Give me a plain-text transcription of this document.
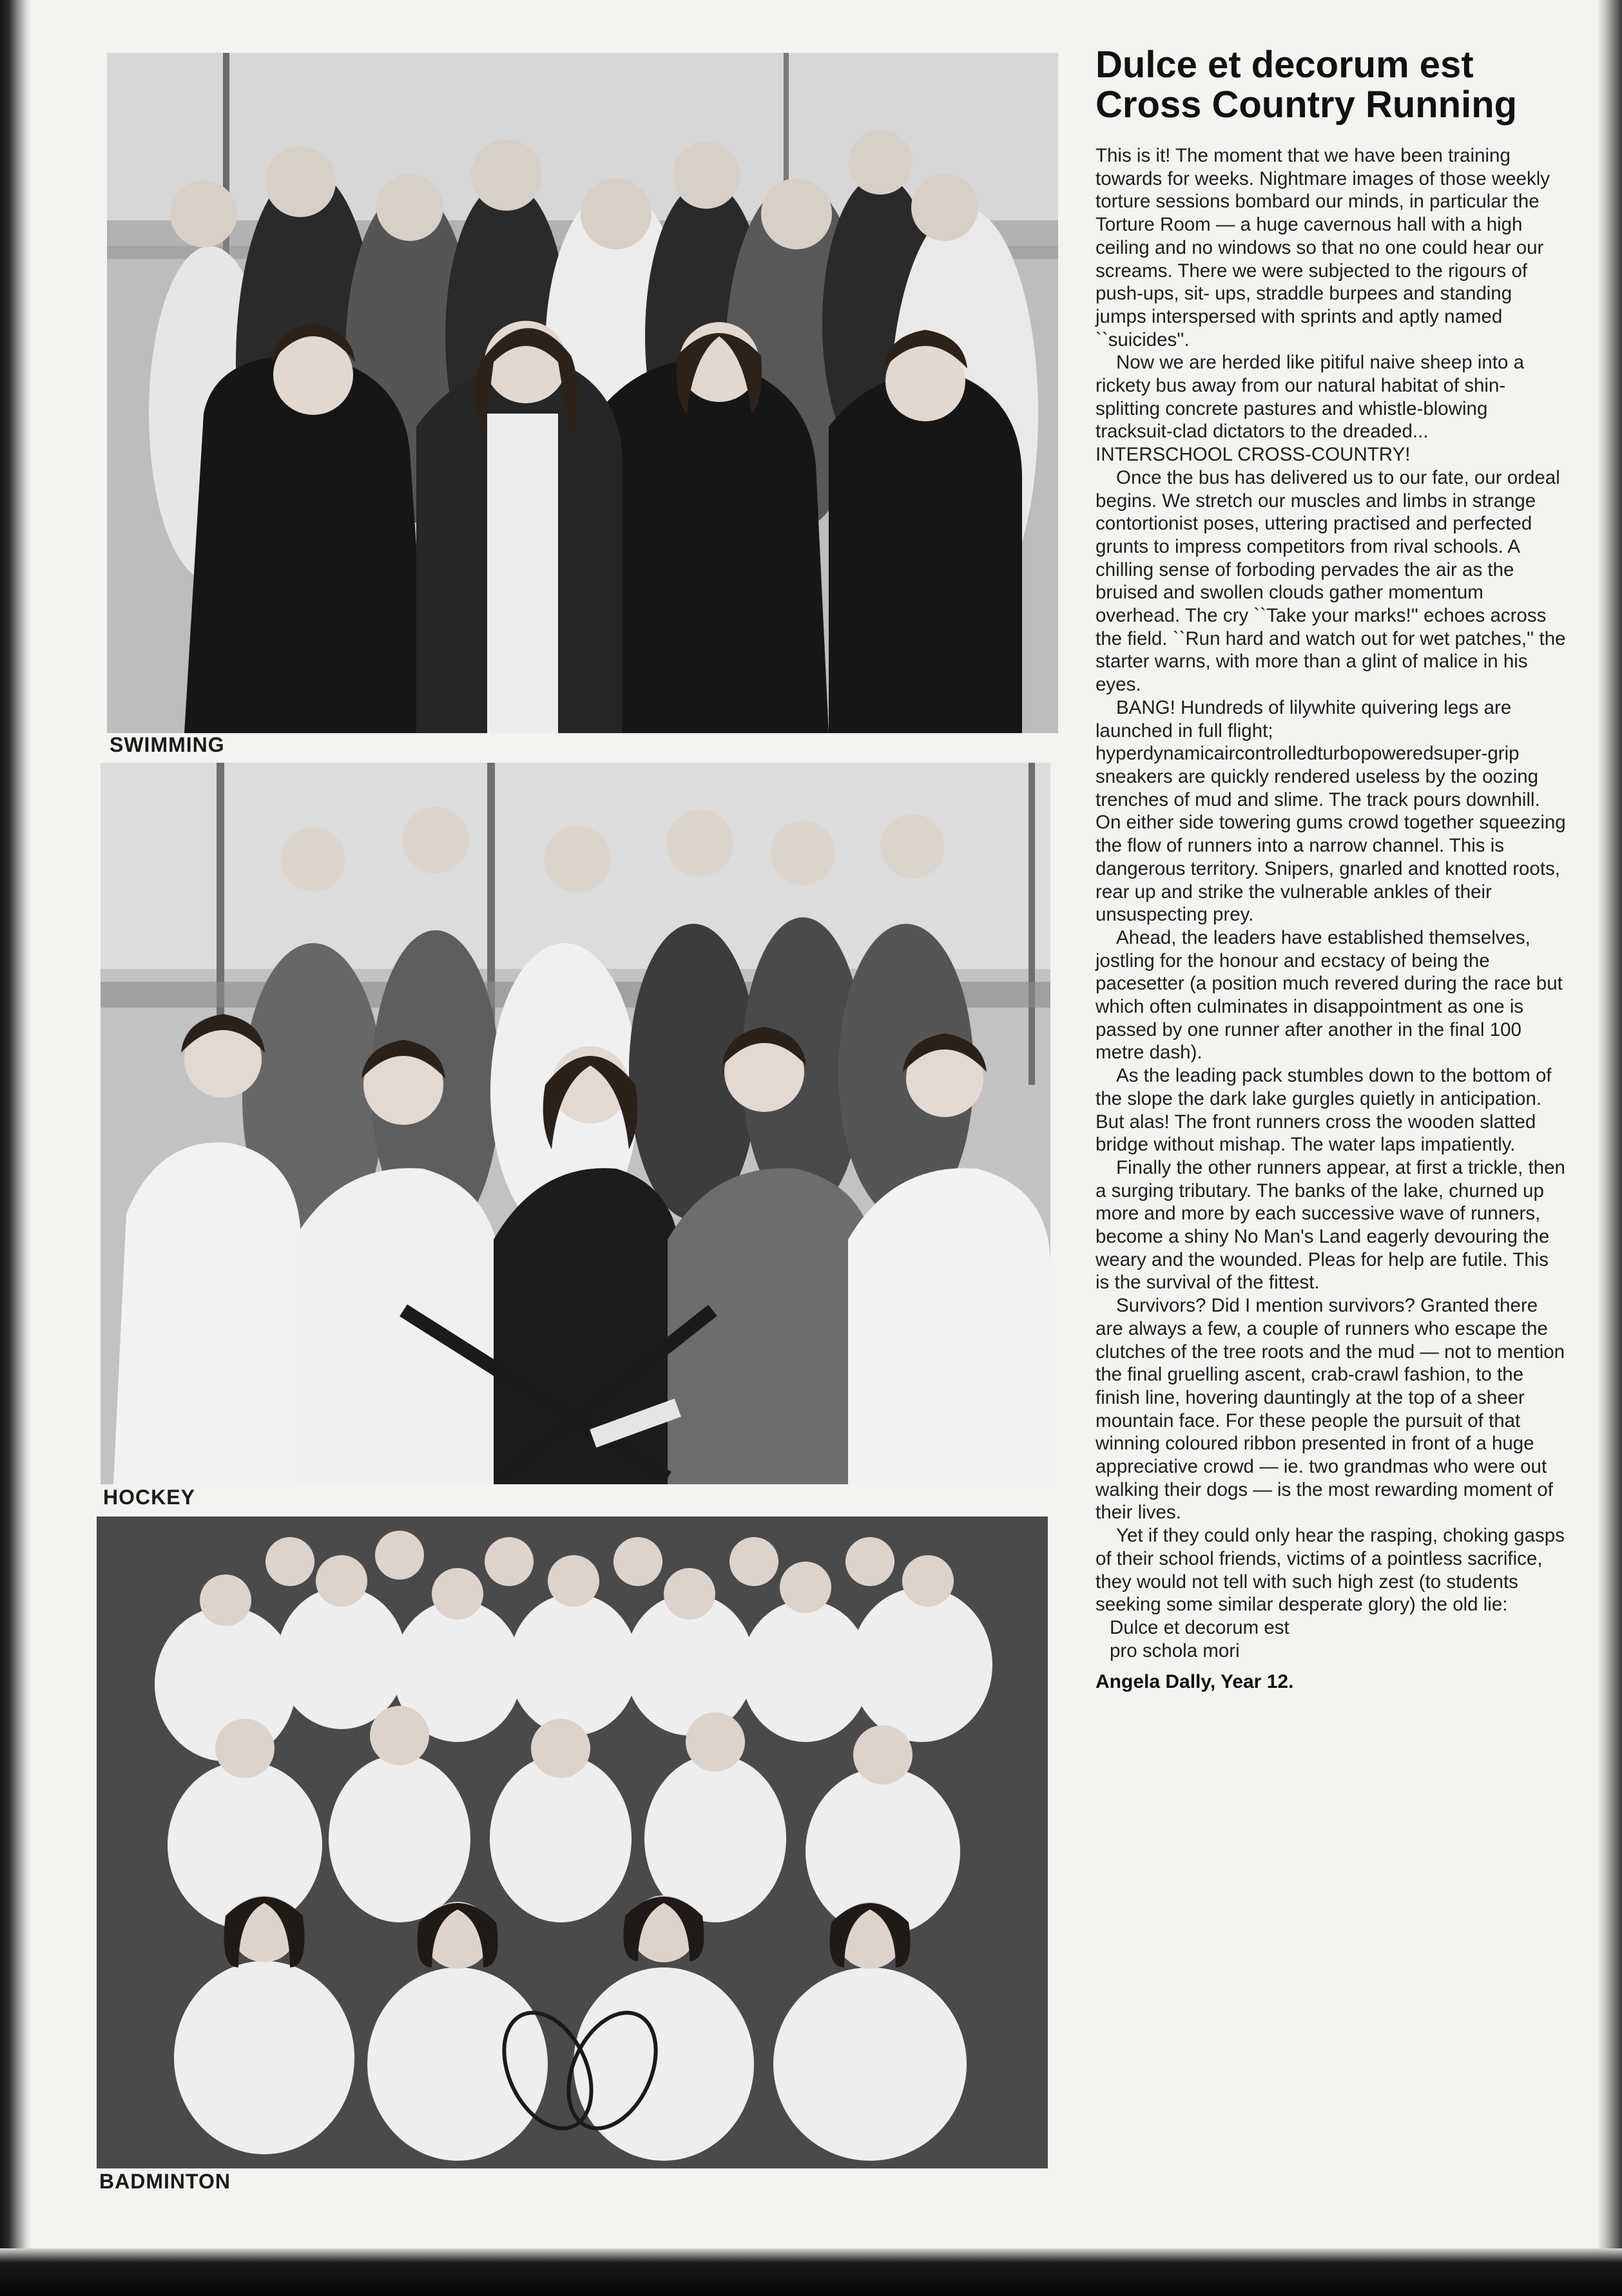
SWIMMING
HOCKEY
BADMINTON
Dulce et decorum est
Cross Country Running

This is it! The moment that we have been training towards for weeks. Nightmare images of those weekly torture sessions bombard our minds, in particular the Torture Room — a huge cavernous hall with a high ceiling and no windows so that no one could hear our screams. There we were subjected to the rigours of push-ups, sit- ups, straddle burpees and standing jumps interspersed with sprints and aptly named ``suicides''.

Now we are herded like pitiful naive sheep into a rickety bus away from our natural habitat of shin-splitting concrete pastures and whistle-blowing tracksuit-clad dictators to the dreaded...

INTERSCHOOL CROSS-COUNTRY!

Once the bus has delivered us to our fate, our ordeal begins. We stretch our muscles and limbs in strange contortionist poses, uttering practised and perfected grunts to impress competitors from rival schools. A chilling sense of forboding pervades the air as the bruised and swollen clouds gather momentum overhead. The cry ``Take your marks!'' echoes across the field. ``Run hard and watch out for wet patches,'' the starter warns, with more than a glint of malice in his eyes.

BANG! Hundreds of lilywhite quivering legs are launched in full flight; hyperdynamicaircontrolledturbopoweredsuper-grip sneakers are quickly rendered useless by the oozing trenches of mud and slime. The track pours downhill. On either side towering gums crowd together squeezing the flow of runners into a narrow channel. This is dangerous territory. Snipers, gnarled and knotted roots, rear up and strike the vulnerable ankles of their unsuspecting prey.

Ahead, the leaders have established themselves, jostling for the honour and ecstacy of being the pacesetter (a position much revered during the race but which often culminates in disappointment as one is passed by one runner after another in the final 100 metre dash).

As the leading pack stumbles down to the bottom of the slope the dark lake gurgles quietly in anticipation. But alas! The front runners cross the wooden slatted bridge without mishap. The water laps impatiently.

Finally the other runners appear, at first a trickle, then a surging tributary. The banks of the lake, churned up more and more by each successive wave of runners, become a shiny No Man's Land eagerly devouring the weary and the wounded. Pleas for help are futile. This is the survival of the fittest.

Survivors? Did I mention survivors? Granted there are always a few, a couple of runners who escape the clutches of the tree roots and the mud — not to mention the final gruelling ascent, crab-crawl fashion, to the finish line, hovering dauntingly at the top of a sheer mountain face. For these people the pursuit of that winning coloured ribbon presented in front of a huge appreciative crowd — ie. two grandmas who were out walking their dogs — is the most rewarding moment of their lives.

Yet if they could only hear the rasping, choking gasps of their school friends, victims of a pointless sacrifice, they would not tell with such high zest (to students seeking some similar desperate glory) the old lie:

Dulce et decorum est

pro schola mori

Angela Dally, Year 12.
